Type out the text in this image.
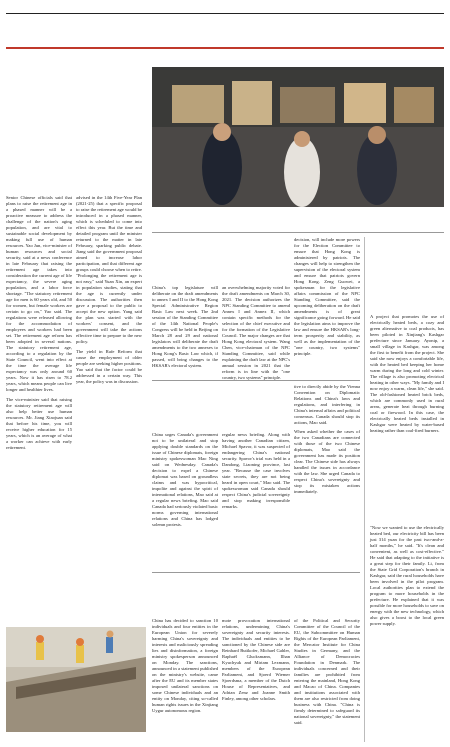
Senior Chinese officials said that plans to raise the retirement age in a phased manner will be a proactive measure to address the challenge of the nation's aging population, and are vital to sustainable social development by making full use of human resources. Yao Jun, vice-minister of human resources and social security, said at a news conference in late February that raising the retirement age takes into consideration the current age of life expectancy, the severe aging population, and a labor force shortage. "The statutory retirement age for men is 60 years old, and 50 for women, but female workers are certain to go on," Yao said. The regulations were released allowing for the accommodation of employees and workers had been set. The retirement age reform has been adopted in several nations. The statutory retirement age, according to a regulation by the State Council, went into effect at the time the average life expectancy was only around 60 years. Now it has risen to 78.2 years, which means people can live longer and healthier lives.
The vice-minister said that raising the statutory retirement age will also help better use human resources. Mr. Jiang Xiaojuan said that before his time, you will receive higher education for 15 years, which is an average of what a worker can achieve with early retirement.
advised in the 14th Five-Year Plan (2021-25) that a specific proposal to raise the retirement age would be introduced in a phased manner, which is scheduled to come into effect this year. But the time and detailed program until the minister returned to the matter in late February, sparking public debate. Jiang said the government proposal aimed to increase labor participation, and that different age groups could choose when to retire. "Prolonging the retirement age is not easy," said Yuan Xin, an expert in population studies, stating that the age is currently under discussion. The authorities then gave a proposal to the public to accept the new option. Yang said the plan was started with the workers' consent, and the government will take the actions effective time to prepare to the new policy.
The yield in Rafe Reform that cause the employment of older people are seeking higher positions. Yao said that the factor could be addressed in a certain way. This year, the policy was in discussion.
China's top legislature will deliberate on the draft amendments to annex I and II to the Hong Kong Special Administrative Region Basic Law next week. The 2nd session of the Standing Committee of the 14th National People's Congress will be held in Beijing on March 28 and 29 and national legislators will deliberate the draft amendments to the two annexes to Hong Kong's Basic Law which, if passed, will bring changes to the HKSAR's electoral system.
an overwhelming majority voted for the draft amendments on March 30, 2021. The decision authorizes the NPC Standing Committee to amend Annex I and Annex II, which contain specific methods for the selection of the chief executive and for the formation of the Legislative Council. The major changes are that Hong Kong electoral system. Wang Chen, vice-chairman of the NPC Standing Committee, said while explaining the draft law at the NPC's annual session in 2021 that the reform is in line with the "one country, two systems" principle.
decision, will include more powers for the Election Committee to ensure that Hong Kong is administered by patriots. The changes will help to strengthen the supervision of the electoral system and ensure that patriots govern Hong Kong. Zeng Guowei, a spokesman for the legislative affairs commission of the NPC Standing Committee, said the upcoming deliberation on the draft amendments is of great significance going forward. He said the legislation aims to improve the law and ensure the HKSAR's long-term prosperity and stability, as well as the implementation of the "one country, two systems" principle.
A project that promotes the use of electrically heated beds, a cozy and green alternative to coal products, has been piloted in Xinjiang's Kashgar prefecture since January. Ayonip, a small village in Kashgar, was among the first to benefit from the project. She said she now enjoys a comfortable life, with the heated bed keeping her home warm during the long and cold winter. The village is also promoting electrical heating in other ways. "My family and I now enjoy a warm, clean life," she said. The old-fashioned heated brick beds, which are commonly used in rural areas, generate heat through burning coal or firewood. In this case, the electrically heated beds installed in Kashgar were heated by water-based heating rather than coal-fired burners.
"Now we wanted to use the electrically heated bed, our electricity bill has been just 314 yuan for the past two-and-a-half months," he said. "It's clean and convenient, as well as cost-effective." He said that adapting to the initiative is a great step for their family. Li, from the State Grid Corporation's branch in Kashgar, said the rural households have been involved in the pilot program. Local authorities plan to extend the program to more households in the prefecture. He explained that it was possible for more households to save on energy with the new technology, which also gives a boost to the local green power supply.
China urges Canada's government not to be unilateral and stop applying double standards on the issue of Chinese diplomats, foreign ministry spokeswoman Mao Ning said on Wednesday. Canada's decision to expel a Chinese diplomat was based on groundless claims and was hypocritical, impolite and against the spirit of international relations, Mao said at a regular news briefing. Mao said Canada had seriously violated basic norms governing international relations and China has lodged solemn protests.
regular news briefing. Along with having another Canadian citizen, Michael Spavor, it was suspected of endangering China's national security. Spavor's trial was held in a Dandong, Liaoning province, last year. "Because the case involves state secrets, they are not being heard in open court," Mao said. The spokeswoman said Canada should respect China's judicial sovereignty and stop making irresponsible remarks.
tive to directly abide by the Vienna Convention on Diplomatic Relations and China's laws and regulations, and interfering in China's internal affairs and political consensus. Canada should stop its actions, Mao said.
When asked whether the cases of the two Canadians are connected with those of the two Chinese diplomats, Mao said the government has made its position clear. The Chinese side has always handled the issues in accordance with the law. She urged Canada to respect China's sovereignty and stop its mistaken actions immediately.
China has decided to sanction 10 individuals and four entities in the European Union for severely harming China's sovereignty and interests and maliciously spreading lies and disinformation, a foreign ministry spokesperson announced on Monday. The sanctions, announced in a statement published on the ministry's website, came after the EU and its member states imposed unilateral sanctions on some Chinese individuals and an entity on Monday, citing so-called human rights issues in the Xinjiang Uygur autonomous region.
mote provocation international relations, undermining China's sovereignty and security interests. The individuals and entities to be sanctioned by the Chinese side are Reinhard Butikofer, Michael Gahler, Raphaël Glucksmann, Ilhan Kyuchyuk and Miriam Lexmann, members of the European Parliament, and Sjoerd Wiemer Sjoerdsma, a member of the Dutch House of Representatives, and Adrian Zenz and Joanne Smith Finley, among other scholars.
of the Political and Security Committee of the Council of the EU, the Subcommittee on Human Rights of the European Parliament, the Mercator Institute for China Studies in Germany, and the Alliance of Democracies Foundation in Denmark. The individuals concerned and their families are prohibited from entering the mainland, Hong Kong and Macao of China. Companies and institutions associated with them are also restricted from doing business with China. "China is firmly determined to safeguard its national sovereignty," the statement said.
